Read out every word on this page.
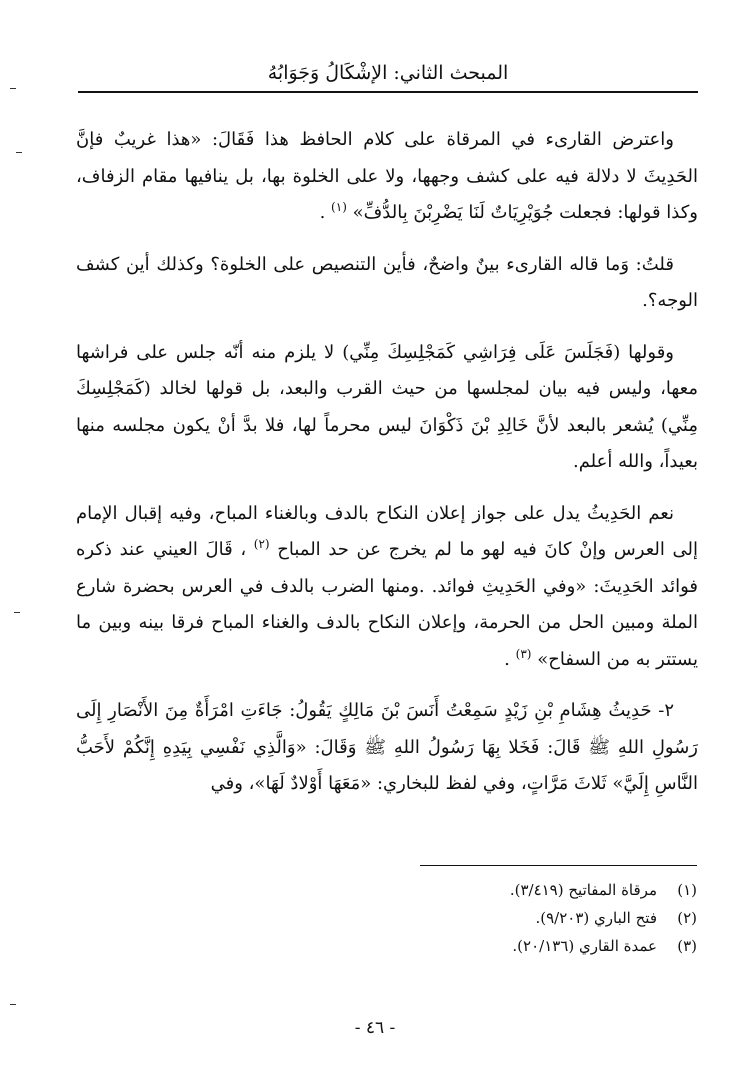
المبحث الثاني: الإشْكَالُ وَجَوَابُهُ

واعترض القارىء في المرقاة على كلام الحافظ هذا فَقَالَ: «هذا غريبٌ فإنَّ الحَدِيثَ لا دلالة فيه على كشف وجهها، ولا على الخلوة بها، بل ينافيها مقام الزفاف، وكذا قولها: فجعلت جُوَيْرِيَاتٌ لَنَا يَضْرِبْنَ بِالدُّفِّ» $^{(١)}$ .

قلتُ: وَما قاله القارىء بينٌ واضحٌ، فأين التنصيص على الخلوة؟ وكذلك أين كشف الوجه؟.

وقولها (فَجَلَسَ عَلَى فِرَاشِي كَمَجْلِسِكَ مِنِّي) لا يلزم منه أنّه جلس على فراشها معها، وليس فيه بيان لمجلسها من حيث القرب والبعد، بل قولها لخالد (كَمَجْلِسِكَ مِنِّي) يُشعر بالبعد لأنَّ خَالِدِ بْنَ ذَكْوَانَ ليس محرماً لها، فلا بدَّ أنْ يكون مجلسه منها بعيداً، والله أعلم.

نعم الحَدِيثُ يدل على جواز إعلان النكاح بالدف وبالغناء المباح، وفيه إقبال الإمام إلى العرس وإنْ كانَ فيه لهو ما لم يخرج عن حد المباح $^{(٢)}$ ، قَالَ العيني عند ذكره فوائد الحَدِيثَ: «وفي الحَدِيثِ فوائد. .ومنها الضرب بالدف في العرس بحضرة شارع الملة ومبين الحل من الحرمة، وإعلان النكاح بالدف والغناء المباح فرقا بينه وبين ما يستتر به من السفاح» $^{(٣)}$ .

٢- حَدِيثُ هِشَامِ بْنِ زَيْدٍ سَمِعْتُ أَنَسَ بْنَ مَالِكٍ يَقُولُ: جَاءَتِ امْرَأَةٌ مِنَ الأَنْصَارِ إِلَى رَسُولِ اللهِ ﷺ قَالَ: فَخَلا بِهَا رَسُولُ اللهِ ﷺ وَقَالَ: «وَالَّذِي نَفْسِي بِيَدِهِ إِنَّكُمْ لأَحَبُّ النَّاسِ إِلَيَّ» ثَلاثَ مَرَّاتٍ، وفي لفظ للبخاري: «مَعَهَا أَوْلادٌ لَهَا»، وفي

(١)
مرقاة المفاتيح (٣/٤١٩).
(٢)
فتح الباري (٩/٢٠٣).
(٣)
عمدة القاري (٢٠/١٣٦).
- ٤٦ -
